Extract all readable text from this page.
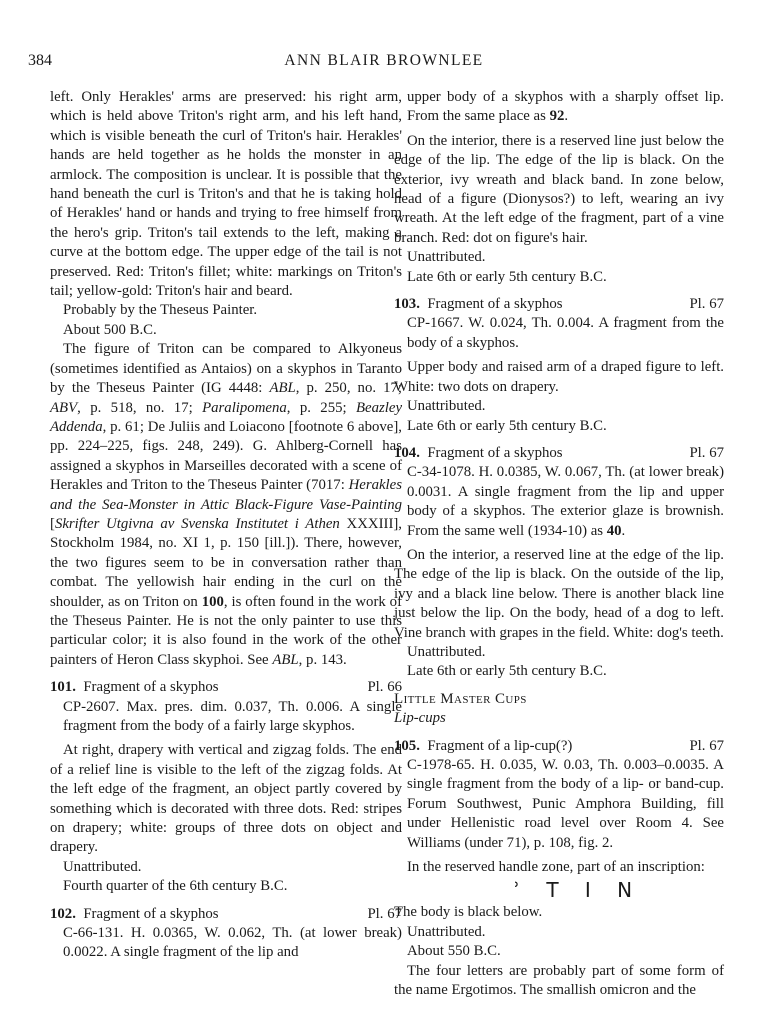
384	ANN BLAIR BROWNLEE

left. Only Herakles' arms are preserved: his right arm, which is held above Triton's right arm, and his left hand, which is visible beneath the curl of Triton's hair. Herakles' hands are held together as he holds the monster in an armlock. The composition is unclear. It is possible that the hand beneath the curl is Triton's and that he is taking hold of Herakles' hand or hands and trying to free himself from the hero's grip. Triton's tail extends to the left, making a curve at the bottom edge. The upper edge of the tail is not preserved. Red: Triton's fillet; white: markings on Triton's tail; yellow-gold: Triton's hair and beard.

Probably by the Theseus Painter.

About 500 B.C.

The figure of Triton can be compared to Alkyoneus (sometimes identified as Antaios) on a skyphos in Taranto by the Theseus Painter (IG 4448: ABL, p. 250, no. 17; ABV, p. 518, no. 17; Paralipomena, p. 255; Beazley Addenda, p. 61; De Juliis and Loiacono [footnote 6 above], pp. 224–225, figs. 248, 249). G. Ahlberg-Cornell has assigned a skyphos in Marseilles decorated with a scene of Herakles and Triton to the Theseus Painter (7017: Herakles and the Sea-Monster in Attic Black-Figure Vase-Painting [Skrifter Utgivna av Svenska Institutet i Athen XXXIII], Stockholm 1984, no. XI 1, p. 150 [ill.]). There, however, the two figures seem to be in conversation rather than combat. The yellowish hair ending in the curl on the shoulder, as on Triton on 100, is often found in the work of the Theseus Painter. He is not the only painter to use this particular color; it is also found in the work of the other painters of Heron Class skyphoi. See ABL, p. 143.

101. Fragment of a skyphos	Pl. 66

CP-2607. Max. pres. dim. 0.037, Th. 0.006. A single fragment from the body of a fairly large skyphos.

At right, drapery with vertical and zigzag folds. The end of a relief line is visible to the left of the zigzag folds. At the left edge of the fragment, an object partly covered by something which is decorated with three dots. Red: stripes on drapery; white: groups of three dots on object and drapery.

Unattributed.

Fourth quarter of the 6th century B.C.

102. Fragment of a skyphos	Pl. 67

C-66-131. H. 0.0365, W. 0.062, Th. (at lower break) 0.0022. A single fragment of the lip and

upper body of a skyphos with a sharply offset lip. From the same place as 92.

On the interior, there is a reserved line just below the edge of the lip. The edge of the lip is black. On the exterior, ivy wreath and black band. In zone below, head of a figure (Dionysos?) to left, wearing an ivy wreath. At the left edge of the fragment, part of a vine branch. Red: dot on figure's hair.

Unattributed.

Late 6th or early 5th century B.C.

103. Fragment of a skyphos	Pl. 67

CP-1667. W. 0.024, Th. 0.004. A fragment from the body of a skyphos.

Upper body and raised arm of a draped figure to left. White: two dots on drapery.

Unattributed.

Late 6th or early 5th century B.C.

104. Fragment of a skyphos	Pl. 67

C-34-1078. H. 0.0385, W. 0.067, Th. (at lower break) 0.0031. A single fragment from the lip and upper body of a skyphos. The exterior glaze is brownish. From the same well (1934-10) as 40.

On the interior, a reserved line at the edge of the lip. The edge of the lip is black. On the outside of the lip, ivy and a black line below. There is another black line just below the lip. On the body, head of a dog to left. Vine branch with grapes in the field. White: dog's teeth.

Unattributed.

Late 6th or early 5th century B.C.

Little Master Cups

Lip-cups

105. Fragment of a lip-cup(?)	Pl. 67

C-1978-65. H. 0.035, W. 0.03, Th. 0.003–0.0035. A single fragment from the body of a lip- or band-cup. Forum Southwest, Punic Amphora Building, fill under Hellenistic road level over Room 4. See Williams (under 71), p. 108, fig. 2.

In the reserved handle zone, part of an inscription:

ʾ Τ Ι Ν

The body is black below.

Unattributed.

About 550 B.C.

The four letters are probably part of some form of the name Ergotimos. The smallish omicron and the
